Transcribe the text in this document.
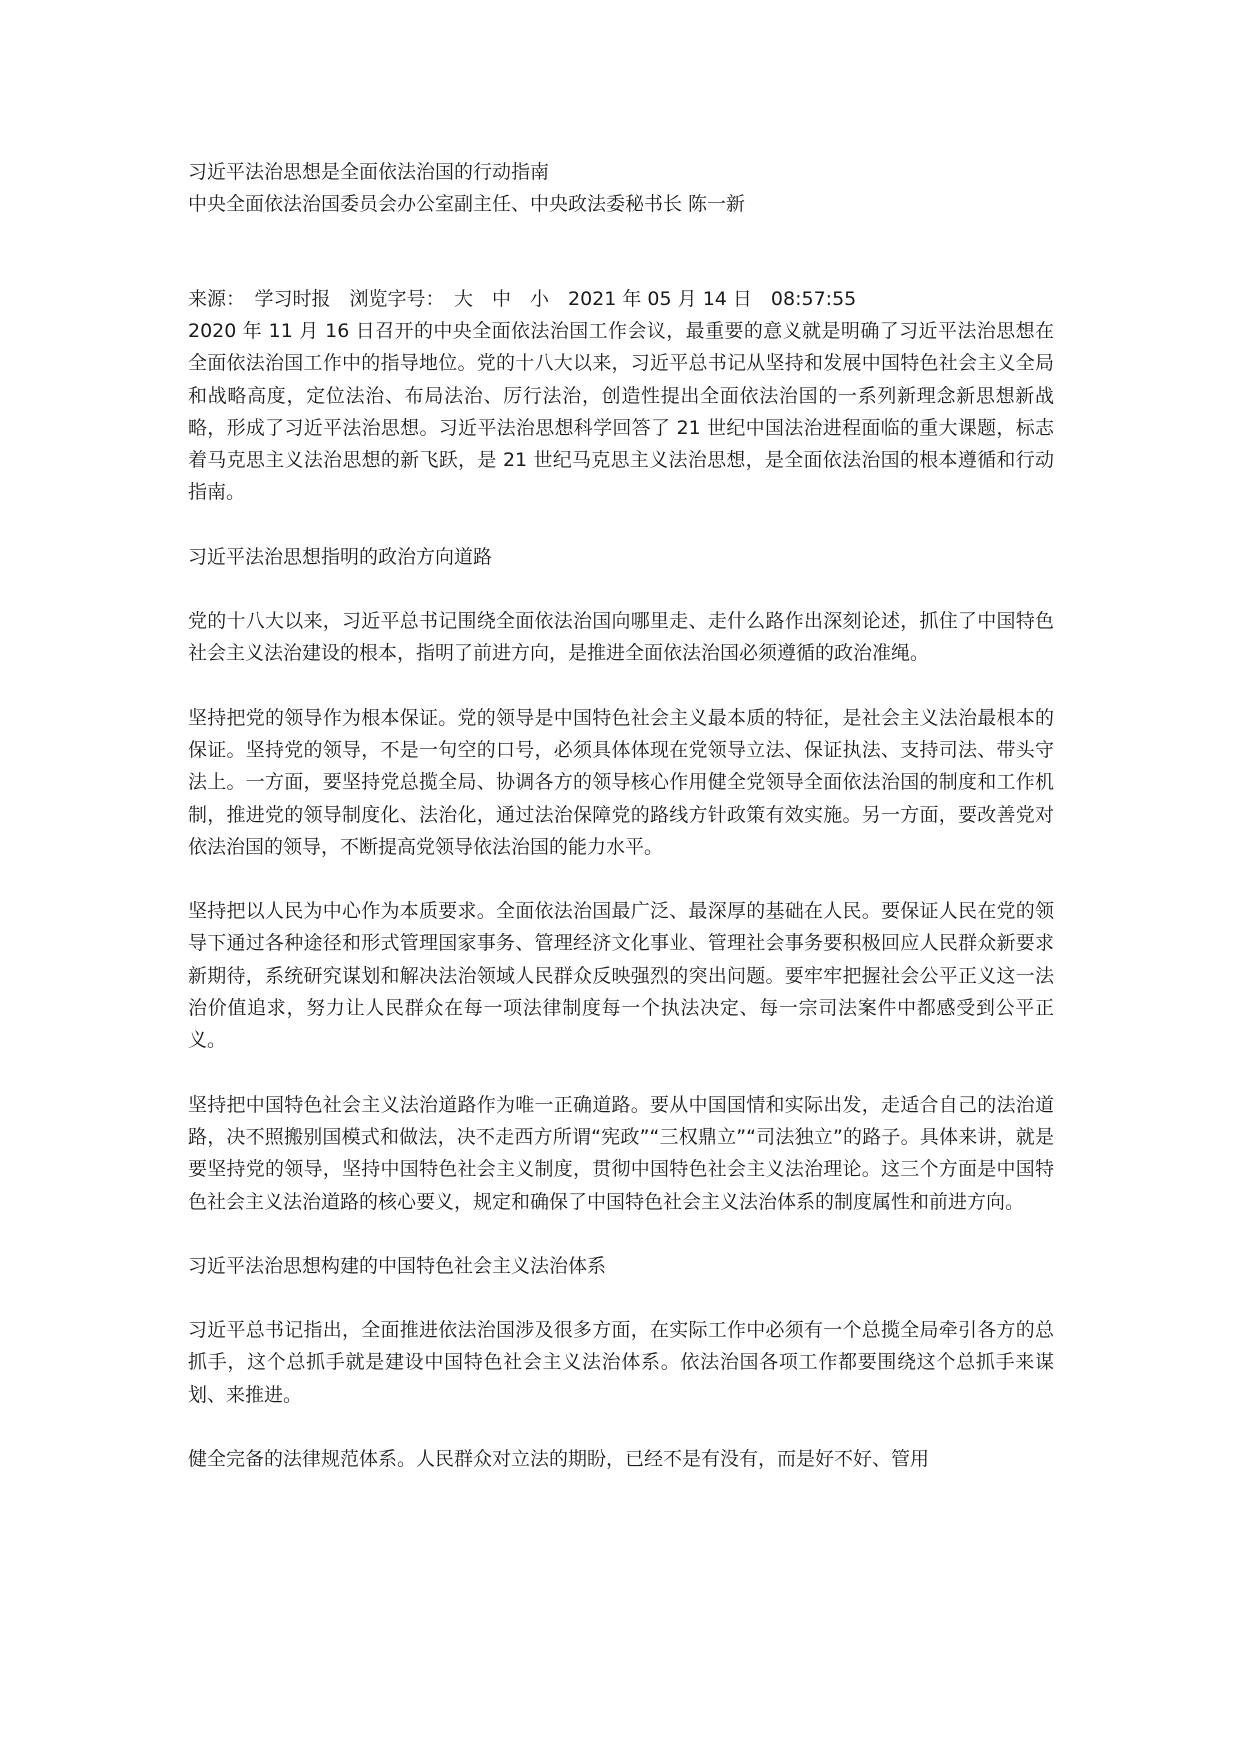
习近平法治思想是全面依法治国的行动指南

中央全面依法治国委员会办公室副主任、中央政法委秘书长 陈一新

来源：　学习时报　浏览字号：　大　中　小　2021 年 05 月 14 日　08:57:55

2020 年 11 月 16 日召开的中央全面依法治国工作会议，最重要的意义就是明确了习近平法治思想在全面依法治国工作中的指导地位。党的十八大以来，习近平总书记从坚持和发展中国特色社会主义全局和战略高度，定位法治、布局法治、厉行法治，创造性提出全面依法治国的一系列新理念新思想新战略，形成了习近平法治思想。习近平法治思想科学回答了 21 世纪中国法治进程面临的重大课题，标志着马克思主义法治思想的新飞跃，是 21 世纪马克思主义法治思想，是全面依法治国的根本遵循和行动指南。

习近平法治思想指明的政治方向道路

党的十八大以来，习近平总书记围绕全面依法治国向哪里走、走什么路作出深刻论述，抓住了中国特色社会主义法治建设的根本，指明了前进方向，是推进全面依法治国必须遵循的政治准绳。

坚持把党的领导作为根本保证。党的领导是中国特色社会主义最本质的特征，是社会主义法治最根本的保证。坚持党的领导，不是一句空的口号，必须具体体现在党领导立法、保证执法、支持司法、带头守法上。一方面，要坚持党总揽全局、协调各方的领导核心作用健全党领导全面依法治国的制度和工作机制，推进党的领导制度化、法治化，通过法治保障党的路线方针政策有效实施。另一方面，要改善党对依法治国的领导，不断提高党领导依法治国的能力水平。

坚持把以人民为中心作为本质要求。全面依法治国最广泛、最深厚的基础在人民。要保证人民在党的领导下通过各种途径和形式管理国家事务、管理经济文化事业、管理社会事务要积极回应人民群众新要求新期待，系统研究谋划和解决法治领域人民群众反映强烈的突出问题。要牢牢把握社会公平正义这一法治价值追求，努力让人民群众在每一项法律制度每一个执法决定、每一宗司法案件中都感受到公平正义。

坚持把中国特色社会主义法治道路作为唯一正确道路。要从中国国情和实际出发，走适合自己的法治道路，决不照搬别国模式和做法，决不走西方所谓“宪政”“三权鼎立”“司法独立”的路子。具体来讲，就是要坚持党的领导，坚持中国特色社会主义制度，贯彻中国特色社会主义法治理论。这三个方面是中国特色社会主义法治道路的核心要义，规定和确保了中国特色社会主义法治体系的制度属性和前进方向。

习近平法治思想构建的中国特色社会主义法治体系

习近平总书记指出，全面推进依法治国涉及很多方面，在实际工作中必须有一个总揽全局牵引各方的总抓手，这个总抓手就是建设中国特色社会主义法治体系。依法治国各项工作都要围绕这个总抓手来谋划、来推进。

健全完备的法律规范体系。人民群众对立法的期盼，已经不是有没有，而是好不好、管用
